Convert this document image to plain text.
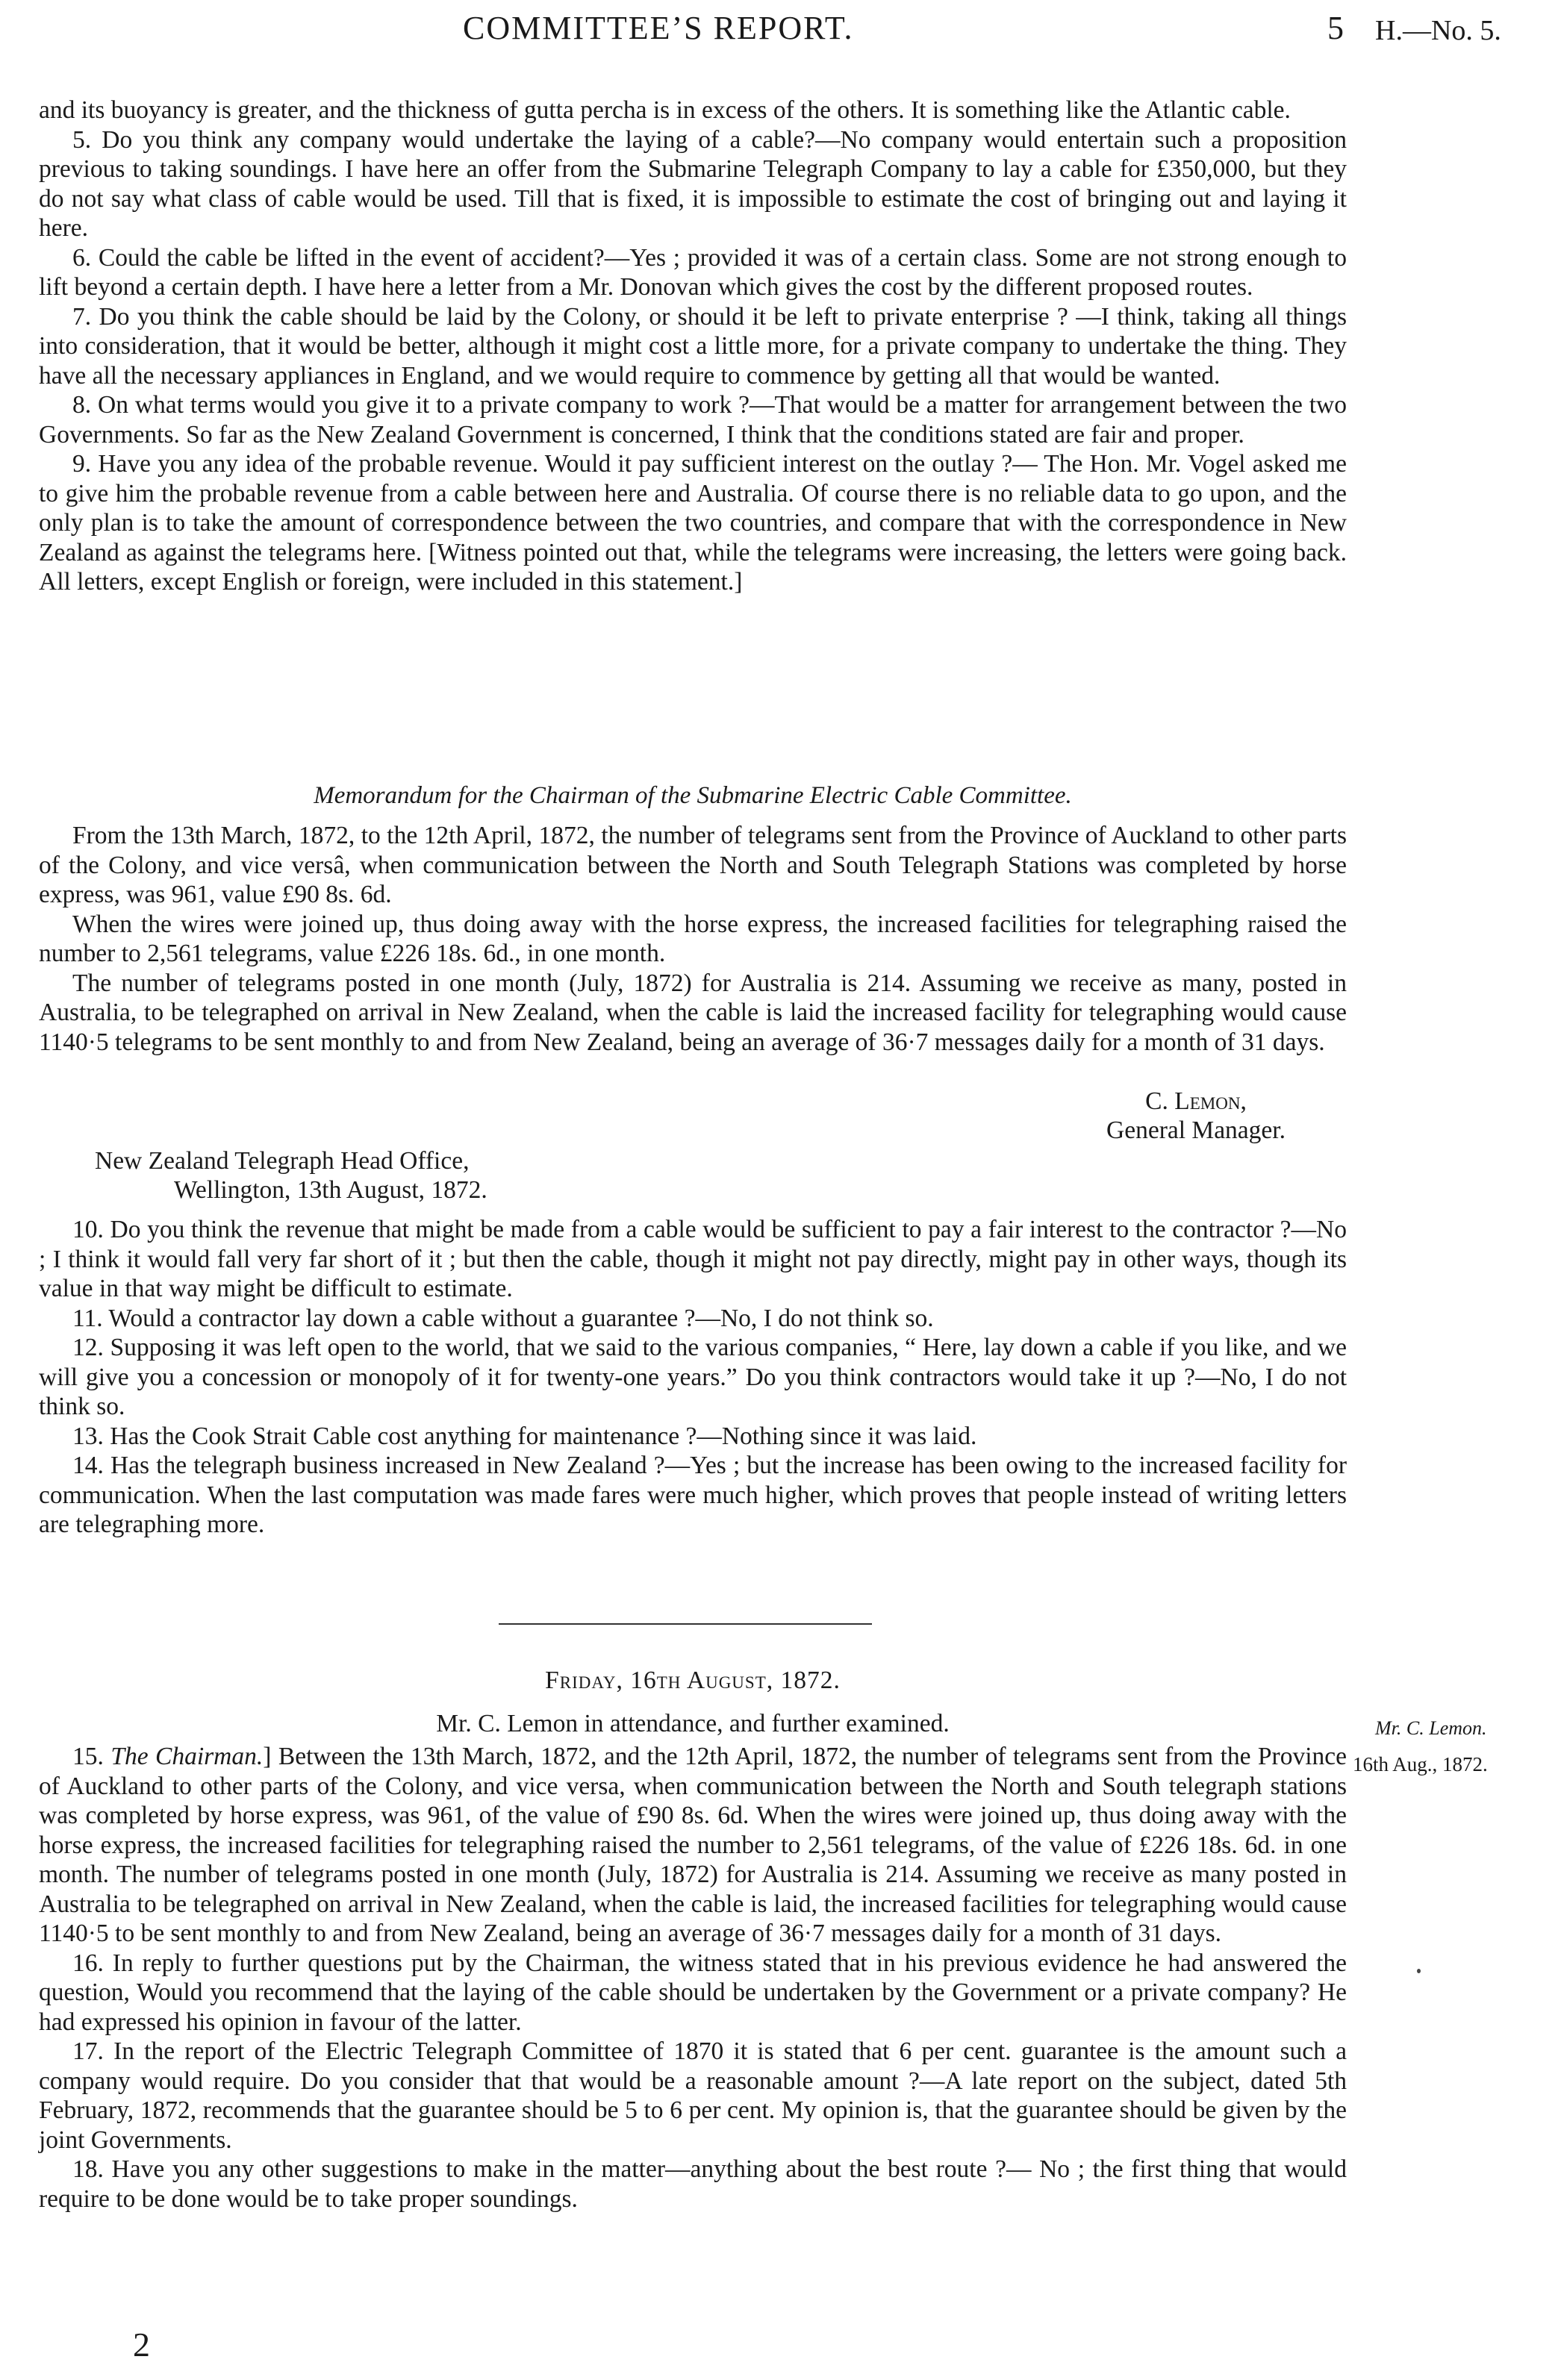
COMMITTEE’S REPORT.	5 H.—No. 5.

and its buoyancy is greater, and the thickness of gutta percha is in excess of the others. It is something like the Atlantic cable.

5. Do you think any company would undertake the laying of a cable?—No company would entertain such a proposition previous to taking soundings. I have here an offer from the Submarine Telegraph Company to lay a cable for £350,000, but they do not say what class of cable would be used. Till that is fixed, it is impossible to estimate the cost of bringing out and laying it here.

6. Could the cable be lifted in the event of accident?—Yes ; provided it was of a certain class. Some are not strong enough to lift beyond a certain depth. I have here a letter from a Mr. Donovan which gives the cost by the different proposed routes.

7. Do you think the cable should be laid by the Colony, or should it be left to private enterprise ? —I think, taking all things into consideration, that it would be better, although it might cost a little more, for a private company to undertake the thing. They have all the necessary appliances in England, and we would require to commence by getting all that would be wanted.

8. On what terms would you give it to a private company to work ?—That would be a matter for arrangement between the two Governments. So far as the New Zealand Government is concerned, I think that the conditions stated are fair and proper.

9. Have you any idea of the probable revenue. Would it pay sufficient interest on the outlay ?— The Hon. Mr. Vogel asked me to give him the probable revenue from a cable between here and Australia. Of course there is no reliable data to go upon, and the only plan is to take the amount of correspondence between the two countries, and compare that with the correspondence in New Zealand as against the telegrams here. [Witness pointed out that, while the telegrams were increasing, the letters were going back. All letters, except English or foreign, were included in this statement.]

Memorandum for the Chairman of the Submarine Electric Cable Committee.

From the 13th March, 1872, to the 12th April, 1872, the number of telegrams sent from the Province of Auckland to other parts of the Colony, and vice versâ, when communication between the North and South Telegraph Stations was completed by horse express, was 961, value £90 8s. 6d.

When the wires were joined up, thus doing away with the horse express, the increased facilities for telegraphing raised the number to 2,561 telegrams, value £226 18s. 6d., in one month.

The number of telegrams posted in one month (July, 1872) for Australia is 214. Assuming we receive as many, posted in Australia, to be telegraphed on arrival in New Zealand, when the cable is laid the increased facility for telegraphing would cause 1140·5 telegrams to be sent monthly to and from New Zealand, being an average of 36·7 messages daily for a month of 31 days.

C. Lemon,
General Manager.
New Zealand Telegraph Head Office,
Wellington, 13th August, 1872.

10. Do you think the revenue that might be made from a cable would be sufficient to pay a fair interest to the contractor ?—No ; I think it would fall very far short of it ; but then the cable, though it might not pay directly, might pay in other ways, though its value in that way might be difficult to estimate.

11. Would a contractor lay down a cable without a guarantee ?—No, I do not think so.

12. Supposing it was left open to the world, that we said to the various companies, “ Here, lay down a cable if you like, and we will give you a concession or monopoly of it for twenty-one years.” Do you think contractors would take it up ?—No, I do not think so.

13. Has the Cook Strait Cable cost anything for maintenance ?—Nothing since it was laid.

14. Has the telegraph business increased in New Zealand ?—Yes ; but the increase has been owing to the increased facility for communication. When the last computation was made fares were much higher, which proves that people instead of writing letters are telegraphing more.

Friday, 16th August, 1872.
Mr. C. Lemon in attendance, and further examined.	Mr. C. Lemon.
16th Aug., 1872.

15. The Chairman.] Between the 13th March, 1872, and the 12th April, 1872, the number of telegrams sent from the Province of Auckland to other parts of the Colony, and vice versa, when communication between the North and South telegraph stations was completed by horse express, was 961, of the value of £90 8s. 6d. When the wires were joined up, thus doing away with the horse express, the increased facilities for telegraphing raised the number to 2,561 telegrams, of the value of £226 18s. 6d. in one month. The number of telegrams posted in one month (July, 1872) for Australia is 214. Assuming we receive as many posted in Australia to be telegraphed on arrival in New Zealand, when the cable is laid, the increased facilities for telegraphing would cause 1140·5 to be sent monthly to and from New Zealand, being an average of 36·7 messages daily for a month of 31 days.

16. In reply to further questions put by the Chairman, the witness stated that in his previous evidence he had answered the question, Would you recommend that the laying of the cable should be undertaken by the Government or a private company? He had expressed his opinion in favour of the latter.

17. In the report of the Electric Telegraph Committee of 1870 it is stated that 6 per cent. guarantee is the amount such a company would require. Do you consider that that would be a reasonable amount ?—A late report on the subject, dated 5th February, 1872, recommends that the guarantee should be 5 to 6 per cent. My opinion is, that the guarantee should be given by the joint Governments.

18. Have you any other suggestions to make in the matter—anything about the best route ?— No ; the first thing that would require to be done would be to take proper soundings.

2
